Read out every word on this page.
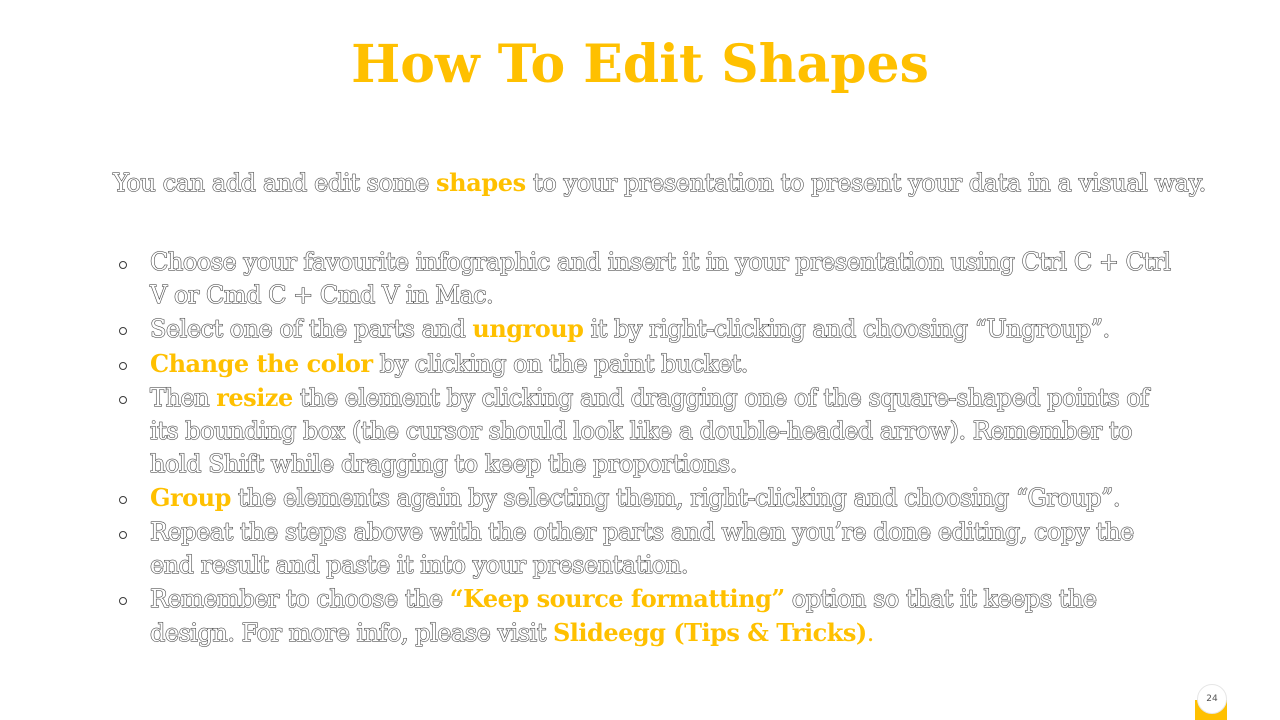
How To Edit Shapes

You can add and edit some shapes to your presentation to present your data in a visual way.

Choose your favourite infographic and insert it in your presentation using Ctrl C + Ctrl V or Cmd C + Cmd V in Mac.
Select one of the parts and ungroup it by right-clicking and choosing “Ungroup”.
Change the color by clicking on the paint bucket.
Then resize the element by clicking and dragging one of the square-shaped points of its bounding box (the cursor should look like a double-headed arrow). Remember to hold Shift while dragging to keep the proportions.
Group the elements again by selecting them, right-clicking and choosing “Group”.
Repeat the steps above with the other parts and when you’re done editing, copy the end result and paste it into your presentation.
Remember to choose the “Keep source formatting” option so that it keeps the design. For more info, please visit Slideegg (Tips & Tricks).
24
